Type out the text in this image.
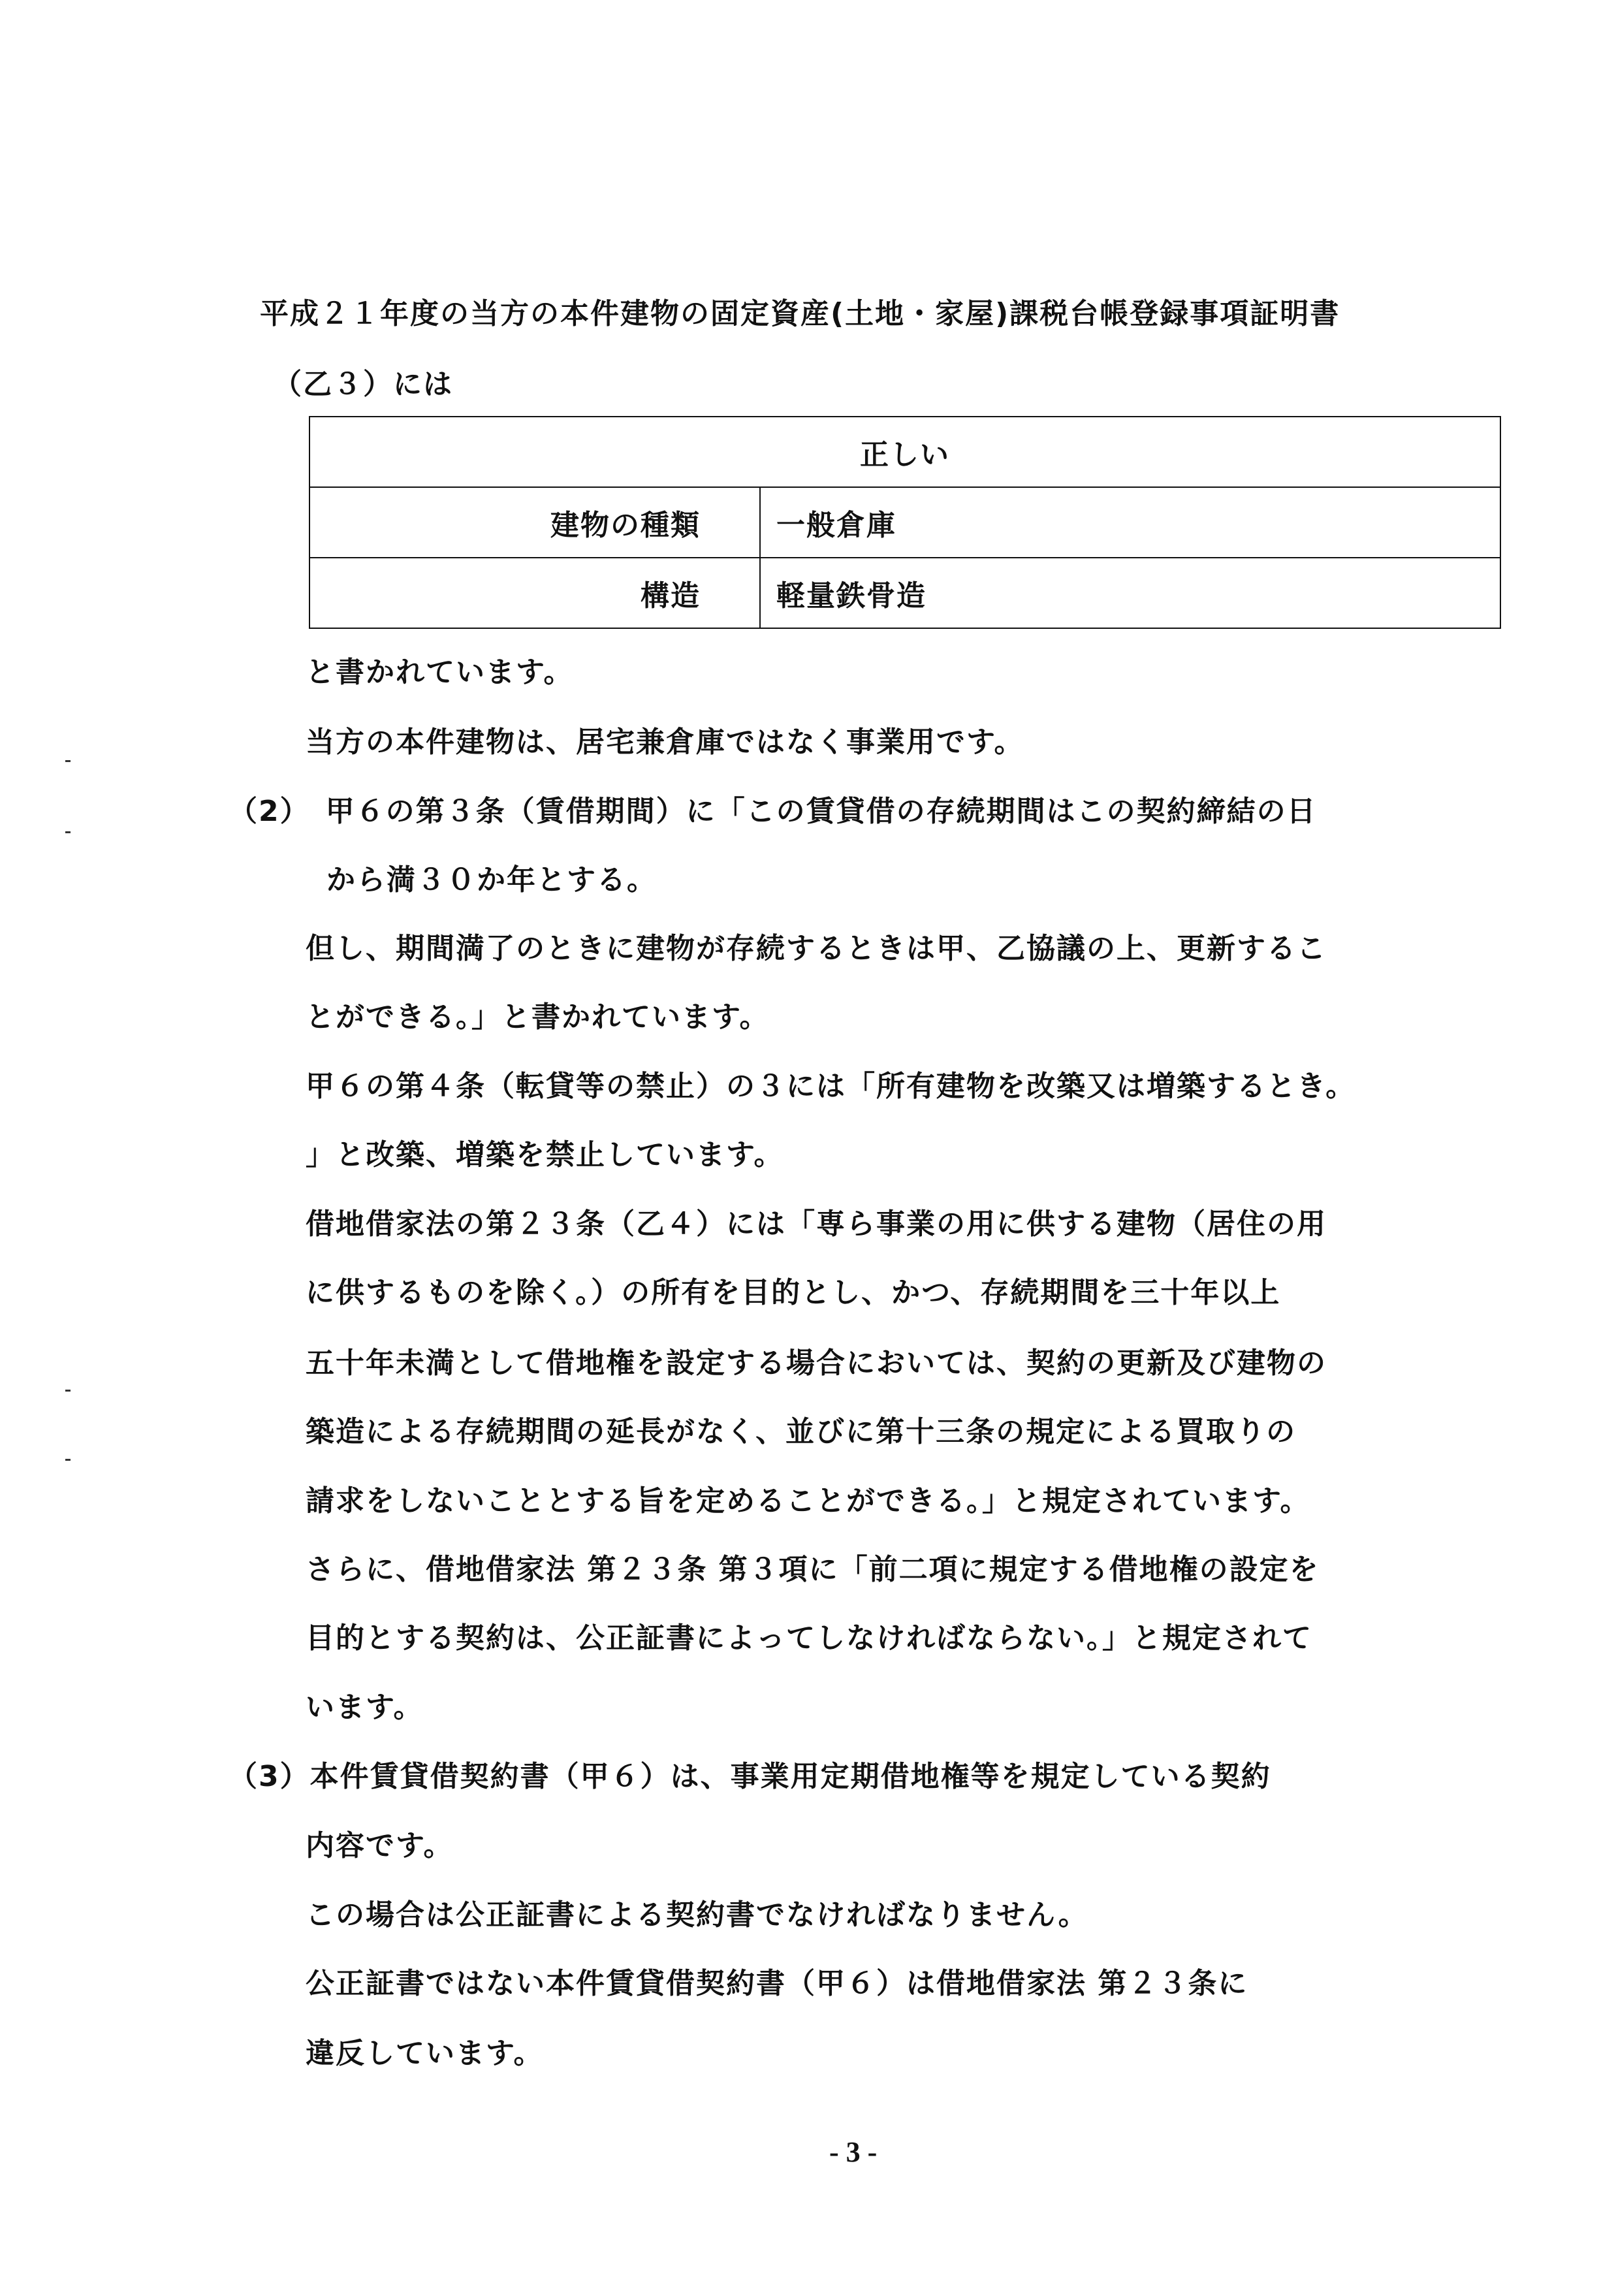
平成２１年度の当方の本件建物の固定資産(土地・家屋)課税台帳登録事項証明書
（乙３）には
正しい	
建物の種類	一般倉庫
構造	軽量鉄骨造
と書かれています。
当方の本件建物は、居宅兼倉庫ではなく事業用です。
（2）　甲６の第３条（賃借期間）に「この賃貸借の存続期間はこの契約締結の日
から満３０か年とする。
但し、期間満了のときに建物が存続するときは甲、乙協議の上、更新するこ
とができる。」と書かれています。
甲６の第４条（転貸等の禁止）の３には「所有建物を改築又は増築するとき。
」と改築、増築を禁止しています。
借地借家法の第２３条（乙４）には「専ら事業の用に供する建物（居住の用
に供するものを除く。）の所有を目的とし、かつ、存続期間を三十年以上
五十年未満として借地権を設定する場合においては、契約の更新及び建物の
築造による存続期間の延長がなく、並びに第十三条の規定による買取りの
請求をしないこととする旨を定めることができる。」と規定されています。
さらに、借地借家法 第２３条 第３項に「前二項に規定する借地権の設定を
目的とする契約は、公正証書によってしなければならない。」と規定されて
います。
（3）本件賃貸借契約書（甲６）は、事業用定期借地権等を規定している契約
内容です。
この場合は公正証書による契約書でなければなりません。
公正証書ではない本件賃貸借契約書（甲６）は借地借家法 第２３条に
違反しています。
- 3 -
